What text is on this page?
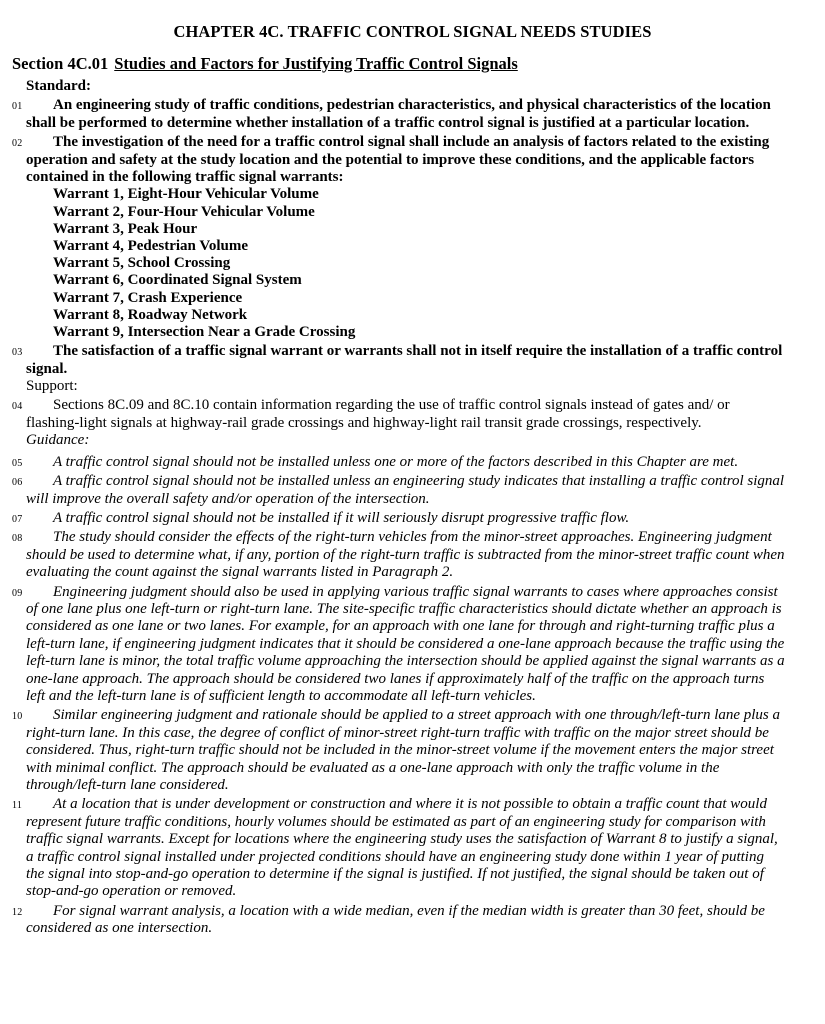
CHAPTER 4C. TRAFFIC CONTROL SIGNAL NEEDS STUDIES
Section 4C.01 Studies and Factors for Justifying Traffic Control Signals
Standard:
01 An engineering study of traffic conditions, pedestrian characteristics, and physical characteristics of the location shall be performed to determine whether installation of a traffic control signal is justified at a particular location.
02 The investigation of the need for a traffic control signal shall include an analysis of factors related to the existing operation and safety at the study location and the potential to improve these conditions, and the applicable factors contained in the following traffic signal warrants:
Warrant 1, Eight-Hour Vehicular Volume
Warrant 2, Four-Hour Vehicular Volume
Warrant 3, Peak Hour
Warrant 4, Pedestrian Volume
Warrant 5, School Crossing
Warrant 6, Coordinated Signal System
Warrant 7, Crash Experience
Warrant 8, Roadway Network
Warrant 9, Intersection Near a Grade Crossing
03 The satisfaction of a traffic signal warrant or warrants shall not in itself require the installation of a traffic control signal.
Support:
04 Sections 8C.09 and 8C.10 contain information regarding the use of traffic control signals instead of gates and/ or flashing-light signals at highway-rail grade crossings and highway-light rail transit grade crossings, respectively.
Guidance:
05 A traffic control signal should not be installed unless one or more of the factors described in this Chapter are met.
06 A traffic control signal should not be installed unless an engineering study indicates that installing a traffic control signal will improve the overall safety and/or operation of the intersection.
07 A traffic control signal should not be installed if it will seriously disrupt progressive traffic flow.
08 The study should consider the effects of the right-turn vehicles from the minor-street approaches. Engineering judgment should be used to determine what, if any, portion of the right-turn traffic is subtracted from the minor-street traffic count when evaluating the count against the signal warrants listed in Paragraph 2.
09 Engineering judgment should also be used in applying various traffic signal warrants to cases where approaches consist of one lane plus one left-turn or right-turn lane. The site-specific traffic characteristics should dictate whether an approach is considered as one lane or two lanes. For example, for an approach with one lane for through and right-turning traffic plus a left-turn lane, if engineering judgment indicates that it should be considered a one-lane approach because the traffic using the left-turn lane is minor, the total traffic volume approaching the intersection should be applied against the signal warrants as a one-lane approach. The approach should be considered two lanes if approximately half of the traffic on the approach turns left and the left-turn lane is of sufficient length to accommodate all left-turn vehicles.
10 Similar engineering judgment and rationale should be applied to a street approach with one through/left-turn lane plus a right-turn lane. In this case, the degree of conflict of minor-street right-turn traffic with traffic on the major street should be considered. Thus, right-turn traffic should not be included in the minor-street volume if the movement enters the major street with minimal conflict. The approach should be evaluated as a one-lane approach with only the traffic volume in the through/left-turn lane considered.
11 At a location that is under development or construction and where it is not possible to obtain a traffic count that would represent future traffic conditions, hourly volumes should be estimated as part of an engineering study for comparison with traffic signal warrants. Except for locations where the engineering study uses the satisfaction of Warrant 8 to justify a signal, a traffic control signal installed under projected conditions should have an engineering study done within 1 year of putting the signal into stop-and-go operation to determine if the signal is justified. If not justified, the signal should be taken out of stop-and-go operation or removed.
12 For signal warrant analysis, a location with a wide median, even if the median width is greater than 30 feet, should be considered as one intersection.
